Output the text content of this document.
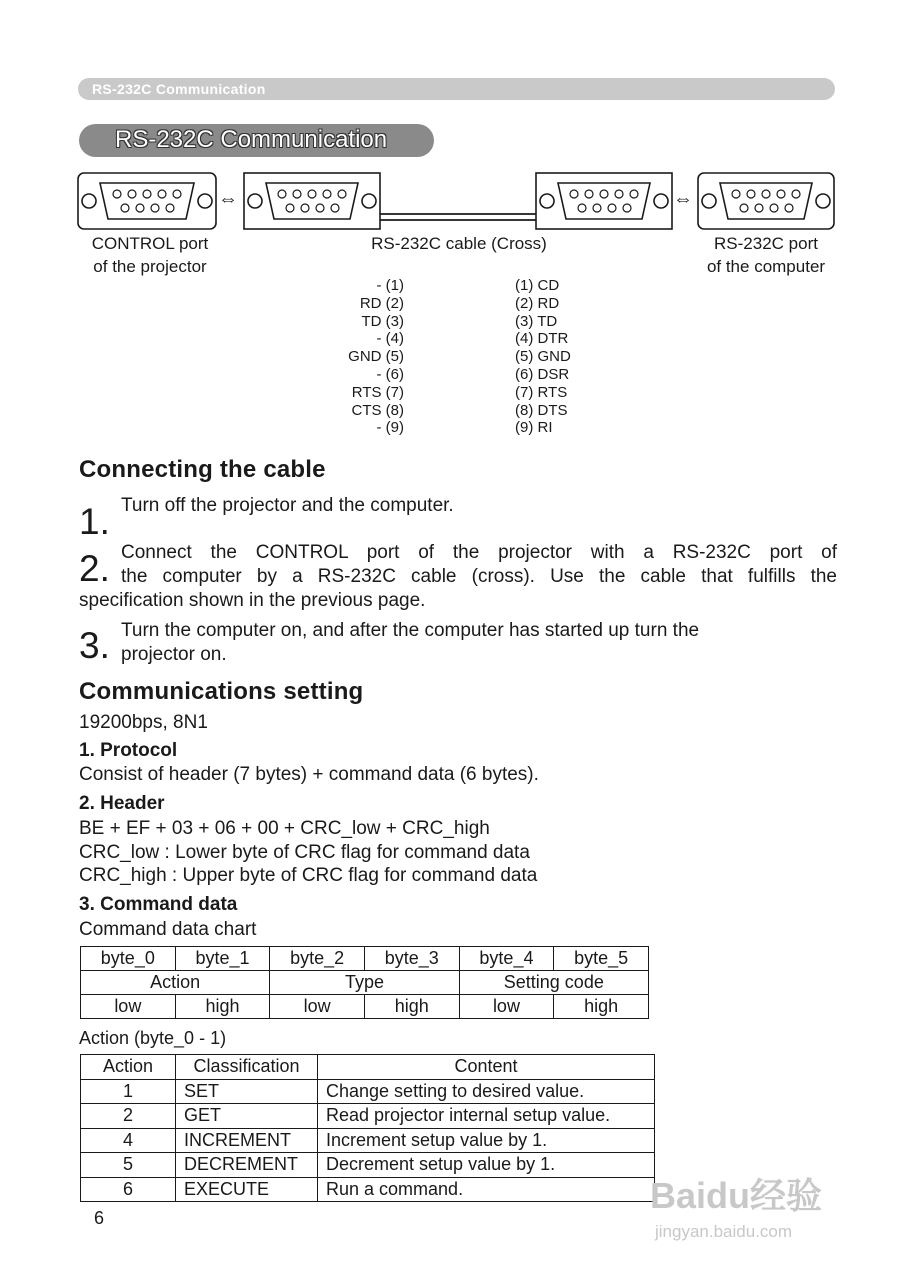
RS-232C Communication
RS-232C Communication
⇔	⇔
CONTROL port
of the projector
RS-232C cable (Cross)	RS-232C port
of the computer
- (1)
RD (2)
TD (3)
- (4)
GND (5)
- (6)
RTS (7)
CTS (8)
- (9)
(1) CD
(2) RD
(3) TD
(4) DTR
(5) GND
(6) DSR
(7) RTS
(8) DTS
(9) RI
Connecting the cable
1. Turn off the projector and the computer.
2. Connect the CONTROL port of the projector with a RS-232C port of
the computer by a RS-232C cable (cross). Use the cable that fulfills the
specification shown in the previous page.
3. Turn the computer on, and after the computer has started up turn the
projector on.
Communications setting
19200bps, 8N1
1. Protocol
Consist of header (7 bytes) + command data (6 bytes).
2. Header
BE + EF + 03 + 06 + 00 + CRC_low + CRC_high
CRC_low : Lower byte of CRC flag for command data
CRC_high : Upper byte of CRC flag for command data
3. Command data
Command data chart
byte_0	byte_1	byte_2	byte_3	byte_4	byte_5
Action		Type		Setting code	
low	high	low	high	low	high
Action (byte_0 - 1)
Action	Classification	Content
1	SET	Change setting to desired value.
2	GET	Read projector internal setup value.
4	INCREMENT	Increment setup value by 1.
5	DECREMENT	Decrement setup value by 1.
6	EXECUTE	Run a command.
6
Baidu经验
jingyan.baidu.com
